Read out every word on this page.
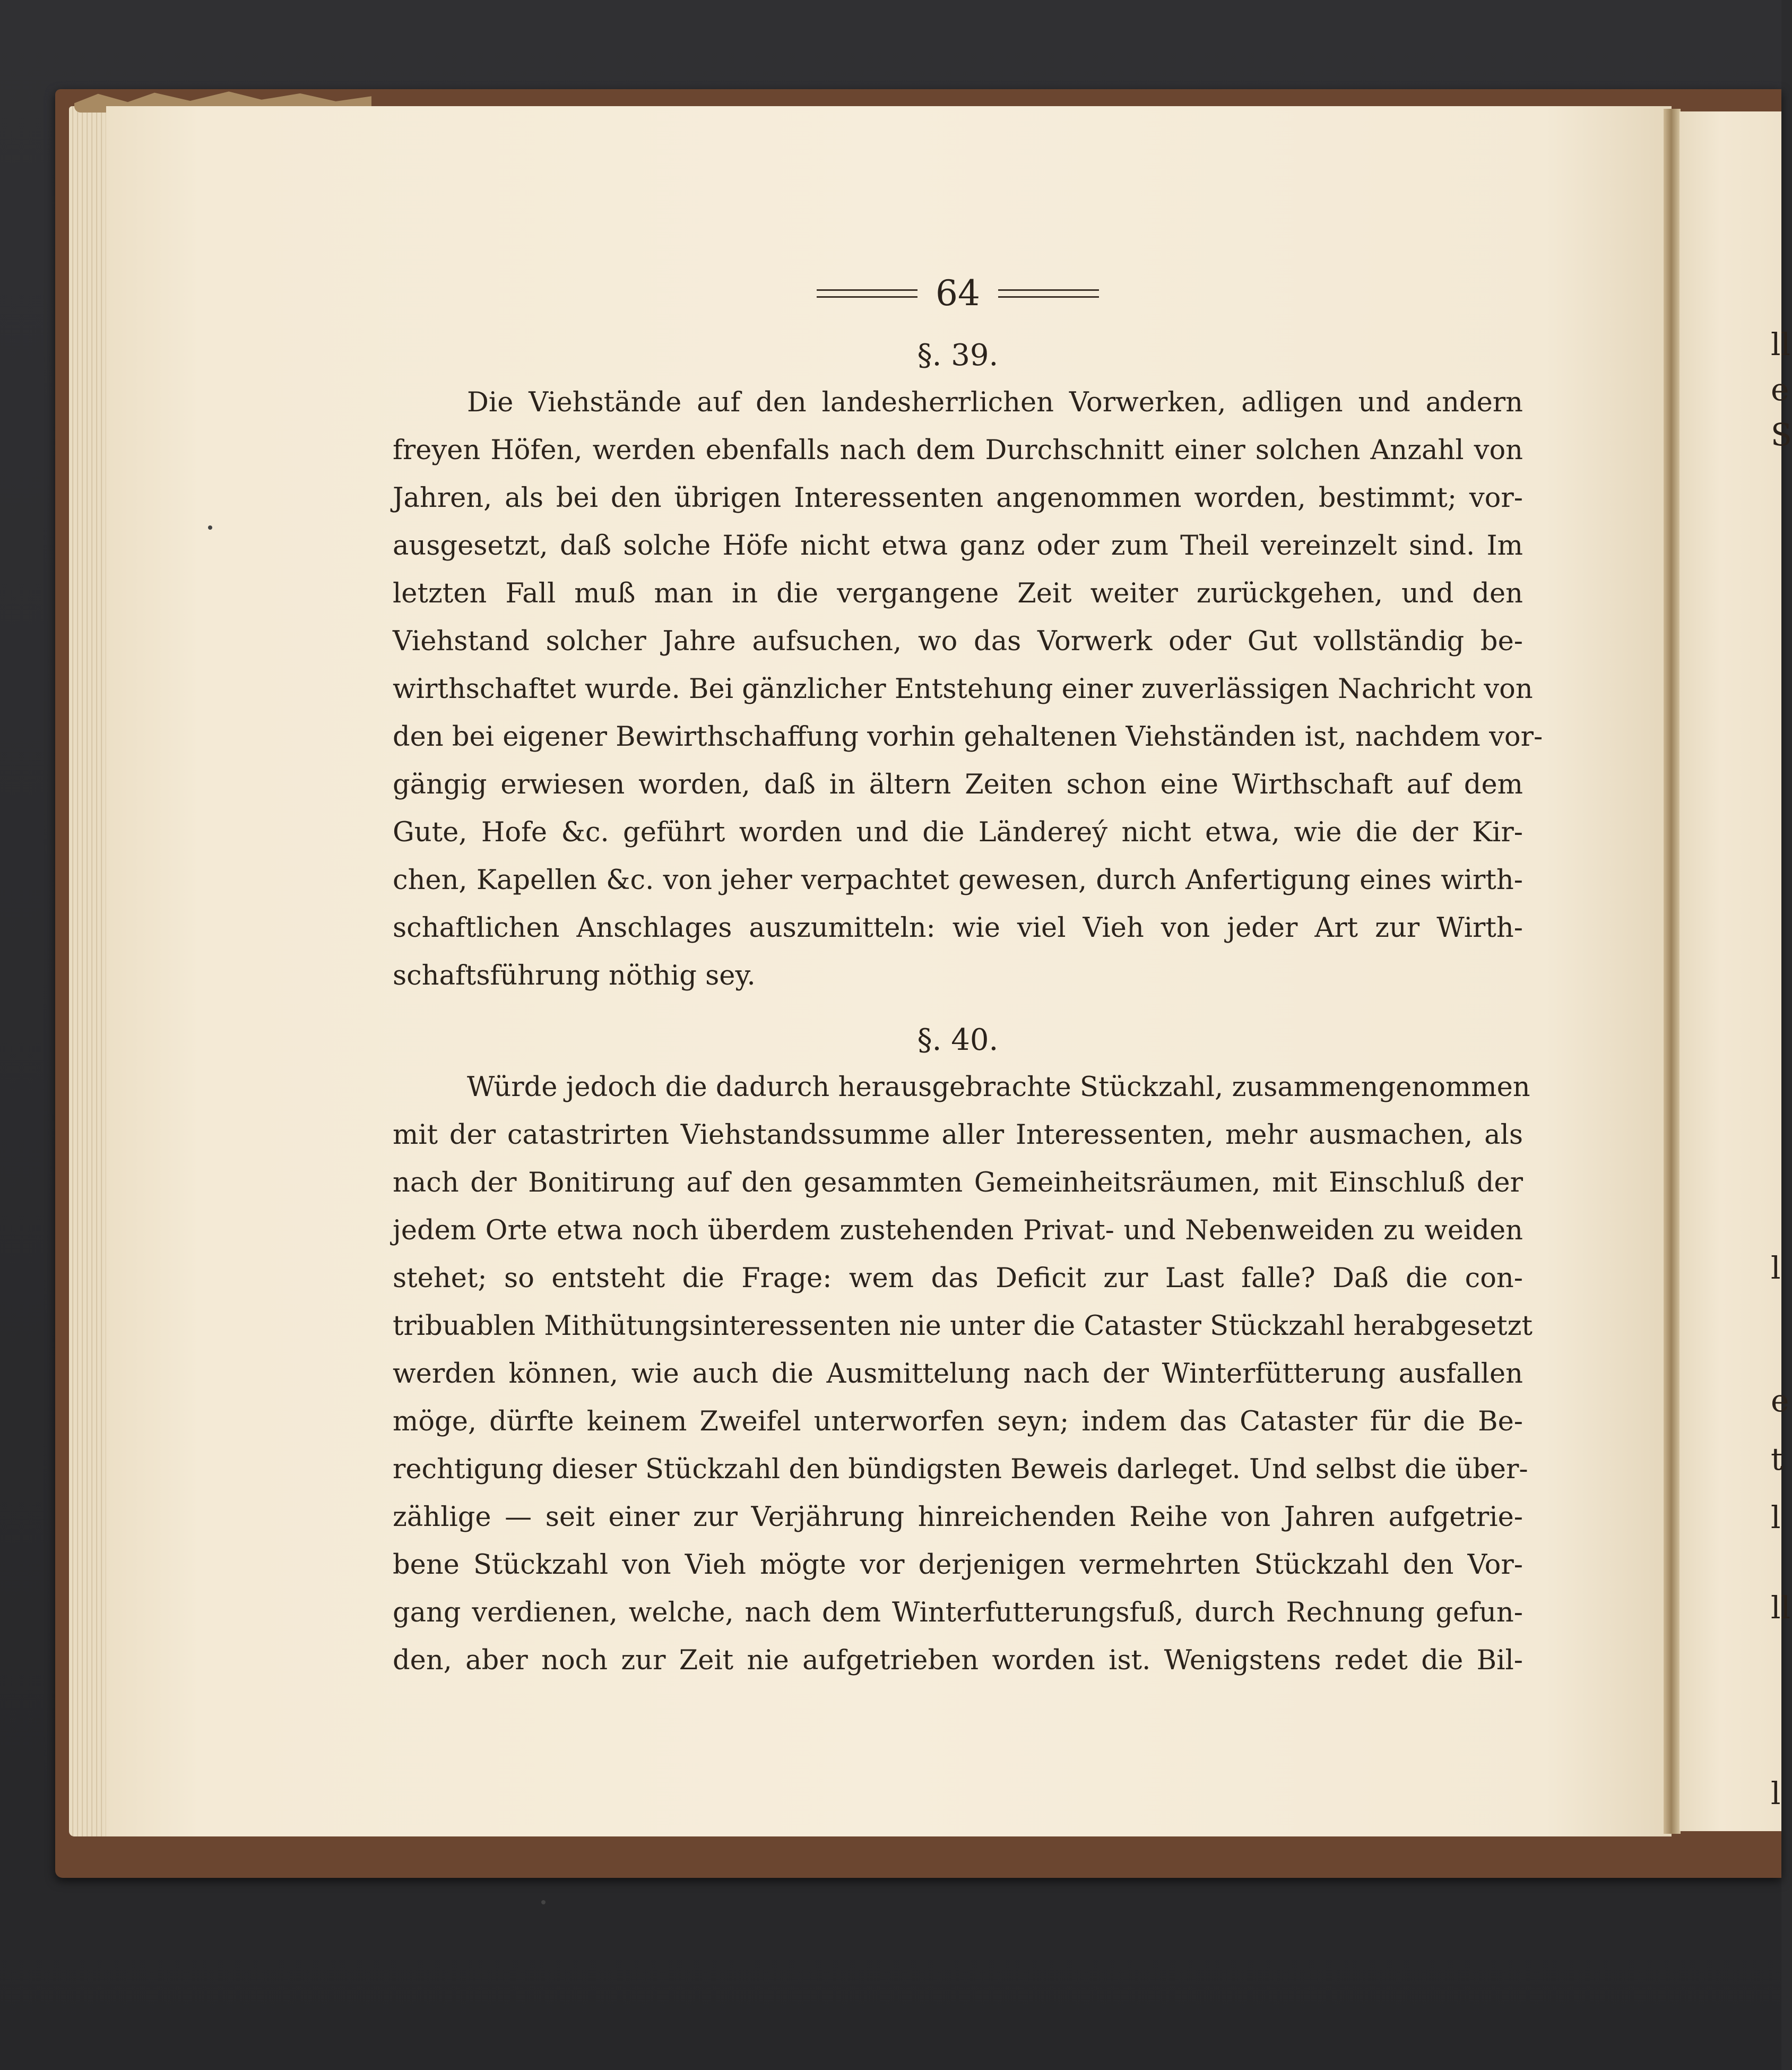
ll
e
S
l
e
t
l
ll
l
64
§. 39.
Die Viehstände auf den landesherrlichen Vorwerken, adligen und andern
freyen Höfen, werden ebenfalls nach dem Durchschnitt einer solchen Anzahl von
Jahren, als bei den übrigen Interessenten angenommen worden, bestimmt; vor-
ausgesetzt, daß solche Höfe nicht etwa ganz oder zum Theil vereinzelt sind. Im
letzten Fall muß man in die vergangene Zeit weiter zurückgehen, und den
Viehstand solcher Jahre aufsuchen, wo das Vorwerk oder Gut vollständig be-
wirthschaftet wurde. Bei gänzlicher Entstehung einer zuverlässigen Nachricht von
den bei eigener Bewirthschaffung vorhin gehaltenen Viehständen ist, nachdem vor-
gängig erwiesen worden, daß in ältern Zeiten schon eine Wirthschaft auf dem
Gute, Hofe &c. geführt worden und die Ländereý nicht etwa, wie die der Kir-
chen, Kapellen &c. von jeher verpachtet gewesen, durch Anfertigung eines wirth-
schaftlichen Anschlages auszumitteln: wie viel Vieh von jeder Art zur Wirth-
schaftsführung nöthig sey.
§. 40.
Würde jedoch die dadurch herausgebrachte Stückzahl, zusammengenommen
mit der catastrirten Viehstandssumme aller Interessenten, mehr ausmachen, als
nach der Bonitirung auf den gesammten Gemeinheitsräumen, mit Einschluß der
jedem Orte etwa noch überdem zustehenden Privat- und Nebenweiden zu weiden
stehet; so entsteht die Frage: wem das Deficit zur Last falle? Daß die con-
tribuablen Mithütungsinteressenten nie unter die Cataster Stückzahl herabgesetzt
werden können, wie auch die Ausmittelung nach der Winterfütterung ausfallen
möge, dürfte keinem Zweifel unterworfen seyn; indem das Cataster für die Be-
rechtigung dieser Stückzahl den bündigsten Beweis darleget. Und selbst die über-
zählige — seit einer zur Verjährung hinreichenden Reihe von Jahren aufgetrie-
bene Stückzahl von Vieh mögte vor derjenigen vermehrten Stückzahl den Vor-
gang verdienen, welche, nach dem Winterfutterungsfuß, durch Rechnung gefun-
den, aber noch zur Zeit nie aufgetrieben worden ist. Wenigstens redet die Bil-
